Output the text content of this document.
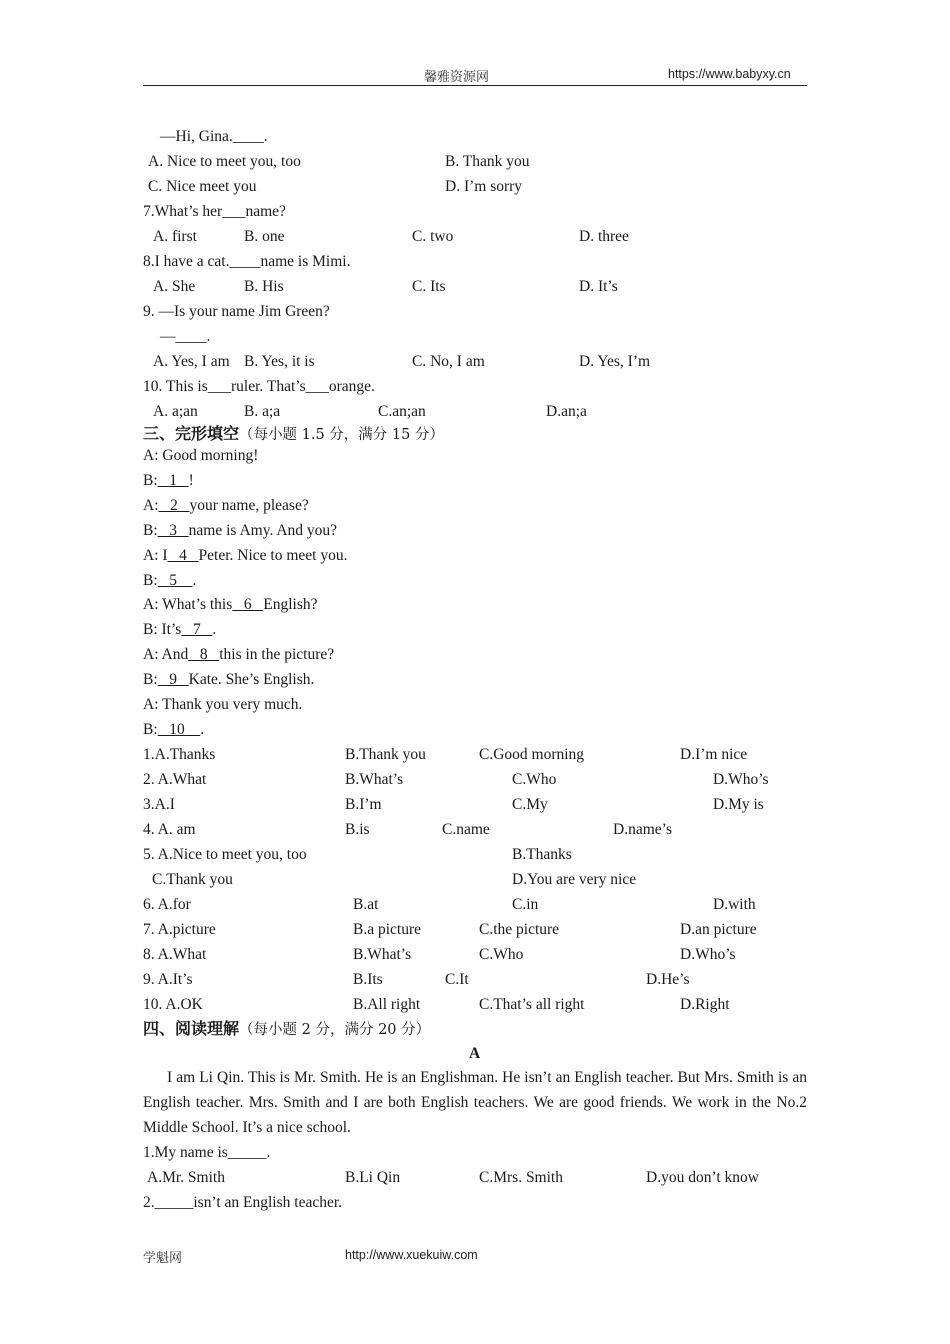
馨雅资源网	https://www.babyxy.cn
—Hi, Gina.____.
A. Nice to meet you, too	B. Thank you
C. Nice meet you	D. I’m sorry
7.What’s her___name?
A. first	B. one	C. two	D. three
8.I have a cat.____name is Mimi.
A. She	B. His	C. Its	D. It’s
9. —Is your name Jim Green?
—____.
A. Yes, I am B. Yes, it is	C. No, I am	D. Yes, I’m
10. This is___ruler. That’s___orange.
A. a;an	B. a;a	C.an;an	D.an;a
三、完形填空（每小题 1.5 分，满分 15 分）
A: Good morning!
B:   1   !
A:   2   your name, please?
B:   3   name is Amy. And you?
A: I   4   Peter. Nice to meet you.
B:   5    .
A: What’s this   6   English?
B: It’s   7   .
A: And   8   this in the picture?
B:   9   Kate. She’s English.
A: Thank you very much.
B:   10    .
1.A.Thanks	B.Thank you	C.Good morning	D.I’m nice
2. A.What	B.What’s	C.Who	D.Who’s
3.A.I	B.I’m	C.My	D.My is
4. A. am	B.is	C.name	D.name’s
5. A.Nice to meet you, too	B.Thanks
C.Thank you	D.You are very nice
6. A.for	B.at	C.in	D.with
7. A.picture	B.a picture	C.the picture	D.an picture
8. A.What	B.What’s	C.Who	D.Who’s
9. A.It’s	B.Its	C.It	D.He’s
10. A.OK	B.All right	C.That’s all right	D.Right
四、阅读理解（每小题 2 分，满分 20 分）
A
I am Li Qin. This is Mr. Smith. He is an Englishman. He isn’t an English teacher. But Mrs. Smith is an English teacher. Mrs. Smith and I are both English teachers. We are good friends. We work in the No.2 Middle School. It’s a nice school.
1.My name is_____.
A.Mr. Smith	B.Li Qin	C.Mrs. Smith	D.you don’t know
2._____isn’t an English teacher.
学魁网	http://www.xuekuiw.com
